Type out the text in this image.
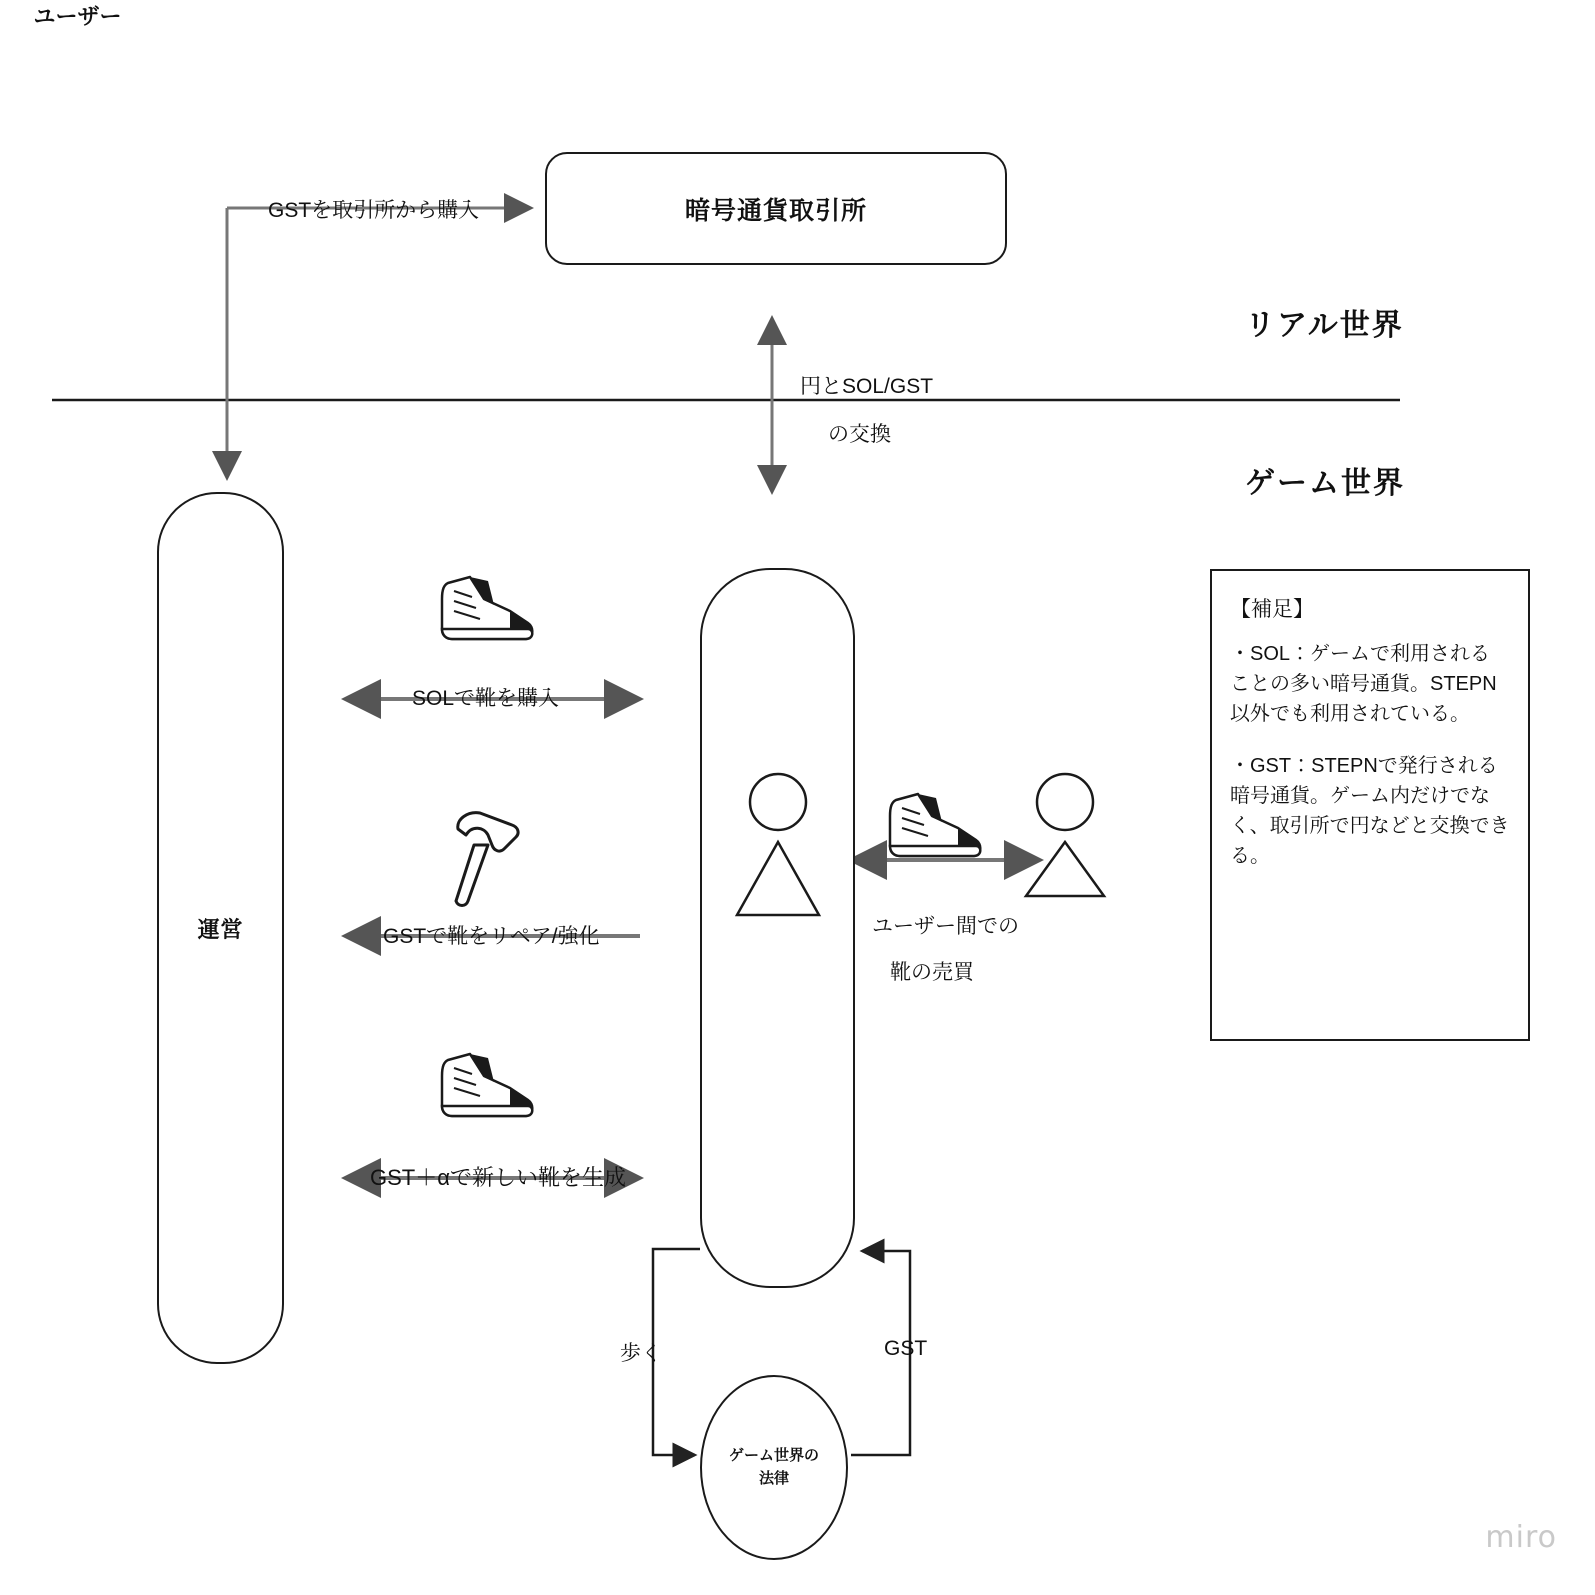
暗号通貨取引所
運営
ユーザー
ゲーム世界の
法律
GSTを取引所から購入
円とSOL/GST
の交換
SOLで靴を購入
GSTで靴をリペア/強化
GST＋αで新しい靴を生成
ユーザー間での
靴の売買
歩く	GST
リアル世界
ゲーム世界
【補足】

・SOL：ゲームで利用されることの多い暗号通貨。STEPN以外でも利用されている。

・GST：STEPNで発行される暗号通貨。ゲーム内だけでなく、取引所で円などと交換できる。

miro
